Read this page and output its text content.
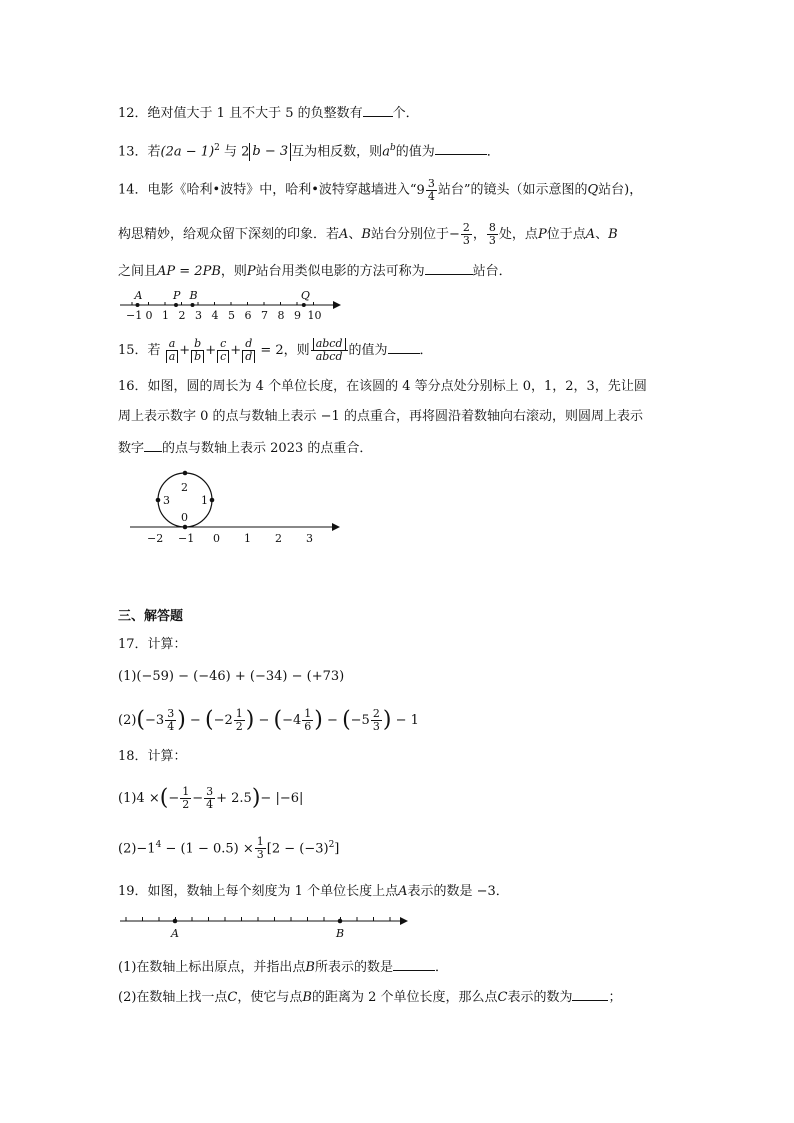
12．绝对值大于 1 且不大于 5 的负整数有 个．
13．若$(2a - 1)^2$ 与 2 b − 3 互为相反数，则$a^b$的值为	．
14．电影《哈利•波特》中，哈利•波特穿越墙进入“ $9 \frac{3}{4}$ 站台”的镜头（如示意图的Q站台)，
构思精妙，给观众留下深刻的印象．若A、B站台分别位于− $\frac{2}{3}$ ， $\frac{8}{3}$ 处，点P位于点A、B
之间且AP = 2PB，则P站台用类似电影的方法可称为	站台．
−1 0 1 2 3 4 5 6 7 8 9 10
A	P B	Q
15．若 $\frac{a}{a} + \frac{b}{b} + \frac{c}{c} + \frac{d}{d} = 2$，则 $\frac{\text{abcd}}{\text{abcd}}$ 的值为 ．
16．如图，圆的周长为 4 个单位长度，在该圆的 4 等分点处分别标上 0，1，2，3，先让圆
周上表示数字 0 的点与数轴上表示 −1 的点重合，再将圆沿着数轴向右滚动，则圆周上表示
数字 的点与数轴上表示 2023 的点重合．
2
3	1
0
−2 −1 0 1 2 3
三、解答题
17．计算：
(1)(−59) − (−46) + (−34) − (+73)
$(2)(-3 \frac{3}{4}$ ) − ($-2 \frac{1}{2}$ ) − ($-4 \frac{1}{6}$ ) − ($-5 \frac{2}{3}$ ) − 1
18．计算：
(1)4 ×(− $\frac{1}{2} - \frac{3}{4} + 2.5)- |-6|$
$(2)-1^4 - (1 - 0.5) \times \frac{1}{3} [2 - (-3)^2]$
19．如图，数轴上每个刻度为 1 个单位长度上点A表示的数是 −3．
A	B
(1)在数轴上标出原点，并指出点B所表示的数是	．
(2)在数轴上找一点C，使它与点B的距离为 2 个单位长度，那么点C表示的数为	；
